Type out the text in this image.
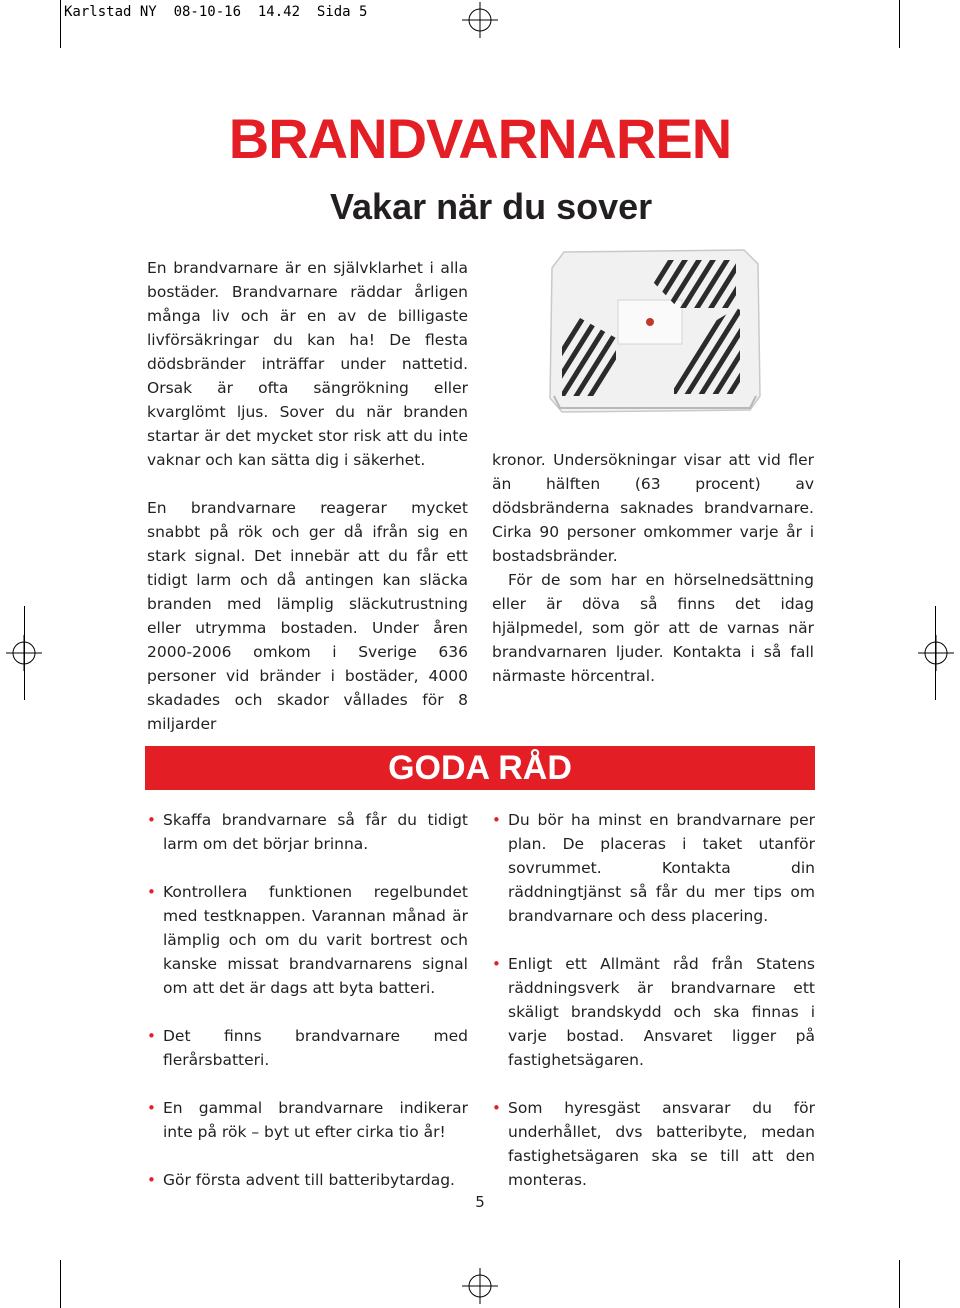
Karlstad NY 08-10-16 14.42 Sida 5
BRANDVARNAREN
Vakar när du sover

En brandvarnare är en självklarhet i alla bostäder. Brandvarnare räddar årligen många liv och är en av de billigaste livförsäkringar du kan ha! De flesta dödsbränder inträffar under nattetid. Orsak är ofta sängrökning eller kvarglömt ljus. Sover du när branden startar är det mycket stor risk att du inte vaknar och kan sätta dig i säkerhet.

En brandvarnare reagerar mycket snabbt på rök och ger då ifrån sig en stark signal. Det innebär att du får ett tidigt larm och då antingen kan släcka branden med lämplig släckutrustning eller utrymma bostaden. Under åren 2000-2006 omkom i Sverige 636 personer vid bränder i bostäder, 4000 skadades och skador vållades för 8 miljarder

kronor. Undersökningar visar att vid fler än hälften (63 procent) av dödsbränderna saknades brandvarnare. Cirka 90 personer omkommer varje år i bostadsbränder.

För de som har en hörselnedsättning eller är döva så finns det idag hjälpmedel, som gör att de varnas när brandvarnaren ljuder. Kontakta i så fall närmaste hörcentral.

GODA RÅD
• Skaffa brandvarnare så får du tidigt larm om det börjar brinna.
• Kontrollera funktionen regelbundet med testknappen. Varannan månad är lämplig och om du varit bortrest och kanske missat brandvarnarens signal om att det är dags att byta batteri.
• Det finns brandvarnare med flerårsbatteri.
• En gammal brandvarnare indikerar inte på rök – byt ut efter cirka tio år!
• Gör första advent till batteribytardag.
• Du bör ha minst en brandvarnare per plan. De placeras i taket utanför sovrummet. Kontakta din räddningtjänst så får du mer tips om brandvarnare och dess placering.
• Enligt ett Allmänt råd från Statens räddningsverk är brandvarnare ett skäligt brandskydd och ska finnas i varje bostad. Ansvaret ligger på fastighetsägaren.
• Som hyresgäst ansvarar du för underhållet, dvs batteribyte, medan fastighetsägaren ska se till att den monteras.
5
